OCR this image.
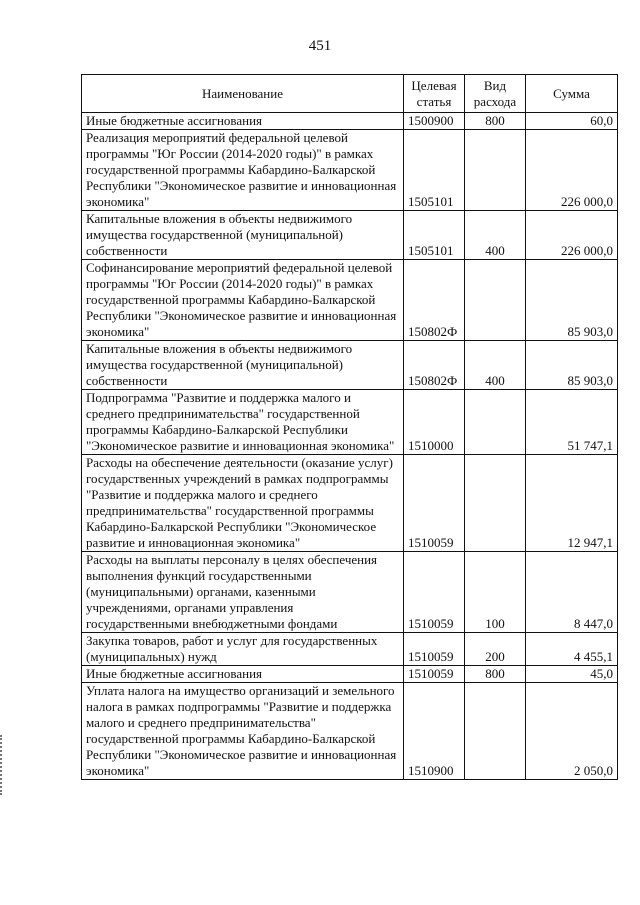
451
Наименование	Целевая статья	Вид расхода	Сумма
Иные бюджетные ассигнования	1500900	800	60,0
Реализация мероприятий федеральной целевой программы "Юг России (2014-2020 годы)" в рамках государственной программы Кабардино-Балкарской Республики "Экономическое развитие и инновационная экономика"	1505101		226 000,0
Капитальные вложения в объекты недвижимого имущества государственной (муниципальной) собственности	1505101	400	226 000,0
Софинансирование мероприятий федеральной целевой программы "Юг России (2014-2020 годы)" в рамках государственной программы Кабардино-Балкарской Республики "Экономическое развитие и инновационная экономика"	150802Ф		85 903,0
Капитальные вложения в объекты недвижимого имущества государственной (муниципальной) собственности	150802Ф	400	85 903,0
Подпрограмма "Развитие и поддержка малого и среднего предпринимательства" государственной программы Кабардино-Балкарской Республики "Экономическое развитие и инновационная экономика"	1510000		51 747,1
Расходы на обеспечение деятельности (оказание услуг) государственных учреждений в рамках подпрограммы "Развитие и поддержка малого и среднего предпринимательства" государственной программы Кабардино-Балкарской Республики "Экономическое развитие и инновационная экономика"	1510059		12 947,1
Расходы на выплаты персоналу в целях обеспечения выполнения функций государственными (муниципальными) органами, казенными учреждениями, органами управления государственными внебюджетными фондами	1510059	100	8 447,0
Закупка товаров, работ и услуг для государственных (муниципальных) нужд	1510059	200	4 455,1
Иные бюджетные ассигнования	1510059	800	45,0
Уплата налога на имущество организаций и земельного налога в рамках подпрограммы "Развитие и поддержка малого и среднего предпринимательства" государственной программы Кабардино-Балкарской Республики "Экономическое развитие и инновационная экономика"	1510900		2 050,0
